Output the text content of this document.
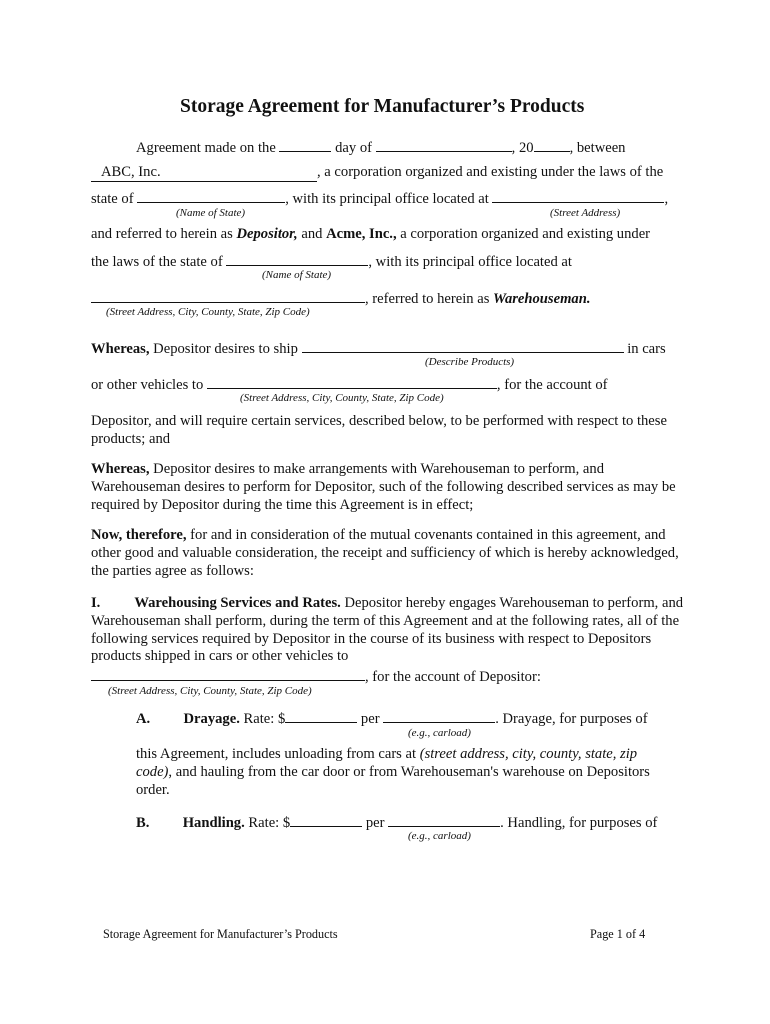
Storage Agreement for Manufacturer’s Products
Agreement made on the	day of	, 20 , between
ABC, Inc.	, a corporation organized and existing under the laws of the
state of	, with its principal office located at	,
(Name of State)	(Street Address)
and referred to herein as Depositor, and Acme, Inc., a corporation organized and existing under
the laws of the state of	, with its principal office located at
(Name of State)
, referred to herein as Warehouseman.
(Street Address, City, County, State, Zip Code)
Whereas, Depositor desires to ship	in cars
(Describe Products)
or other vehicles to	, for the account of
(Street Address, City, County, State, Zip Code)
Depositor, and will require certain services, described below, to be performed with respect to these products; and
Whereas, Depositor desires to make arrangements with Warehouseman to perform, and Warehouseman desires to perform for Depositor, such of the following described services as may be required by Depositor during the time this Agreement is in effect;
Now, therefore, for and in consideration of the mutual covenants contained in this agreement, and other good and valuable consideration, the receipt and sufficiency of which is hereby acknowledged, the parties agree as follows:
I. Warehousing Services and Rates. Depositor hereby engages Warehouseman to perform, and Warehouseman shall perform, during the term of this Agreement and at the following rates, all of the following services required by Depositor in the course of its business with respect to Depositors products shipped in cars or other vehicles to
, for the account of Depositor:
(Street Address, City, County, State, Zip Code)
A. Drayage. Rate: $	per	. Drayage, for purposes of
(e.g., carload)
this Agreement, includes unloading from cars at (street address, city, county, state, zip code), and hauling from the car door or from Warehouseman's warehouse on Depositors order.
B. Handling. Rate: $	per	. Handling, for purposes of
(e.g., carload)
Storage Agreement for Manufacturer’s Products	Page 1 of 4
